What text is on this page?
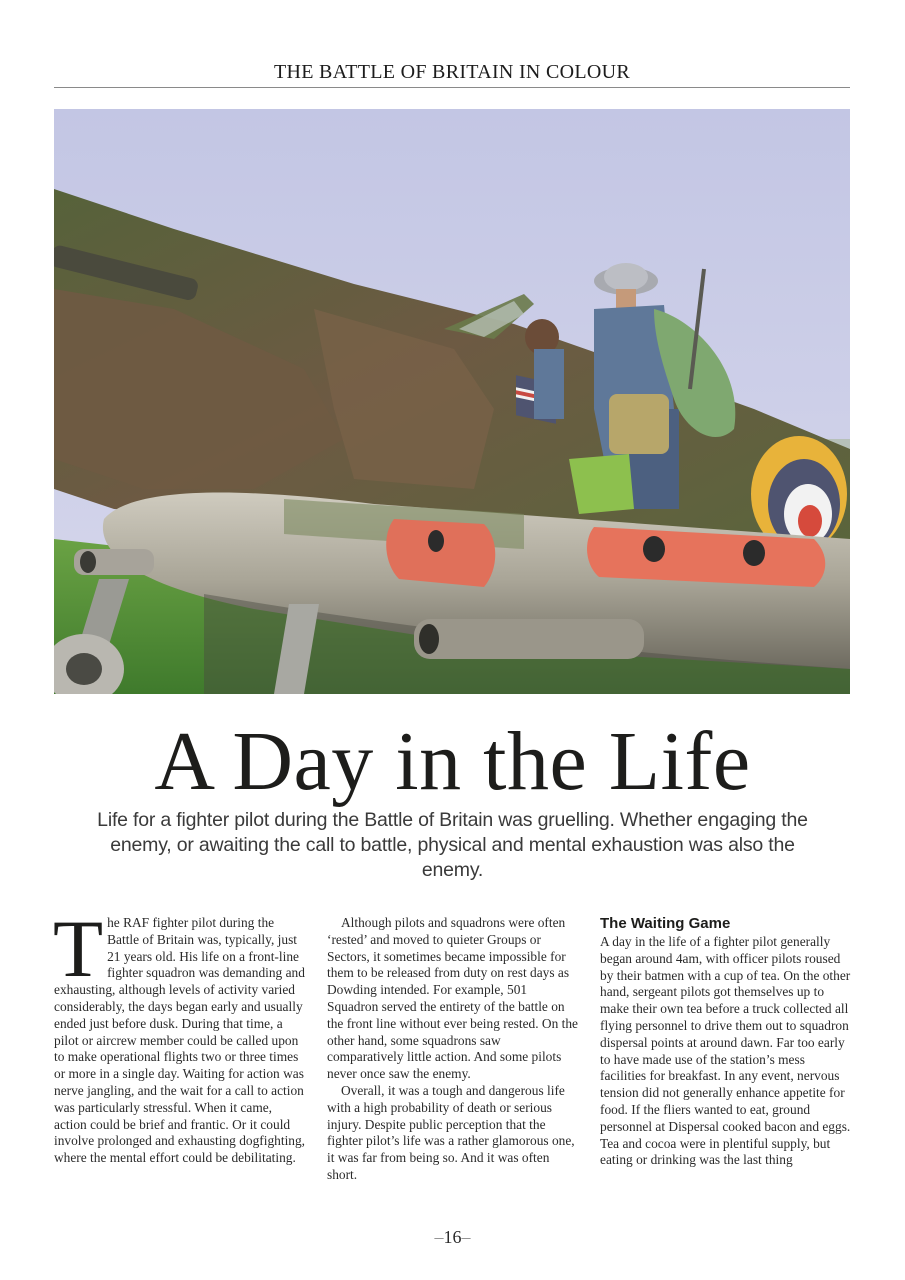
THE BATTLE OF BRITAIN IN COLOUR
A Day in the Life
Life for a fighter pilot during the Battle of Britain was gruelling. Whether engaging the enemy, or awaiting the call to battle, physical and mental exhaustion was also the enemy.

The RAF fighter pilot during the Battle of Britain was, typically, just 21 years old. His life on a front-line fighter squadron was demanding and exhausting, although levels of activity varied considerably, the days began early and usually ended just before dusk. During that time, a pilot or aircrew member could be called upon to make operational flights two or three times or more in a single day. Waiting for action was nerve jangling, and the wait for a call to action was particularly stressful. When it came, action could be brief and frantic. Or it could involve prolonged and exhausting dogfighting, where the mental effort could be debilitating.

Although pilots and squadrons were often ‘rested’ and moved to quieter Groups or Sectors, it sometimes became impossible for them to be released from duty on rest days as Dowding intended. For example, 501 Squadron served the entirety of the battle on the front line without ever being rested. On the other hand, some squadrons saw comparatively little action. And some pilots never once saw the enemy.

Overall, it was a tough and dangerous life with a high probability of death or serious injury. Despite public perception that the fighter pilot’s life was a rather glamorous one, it was far from being so. And it was often short.

The Waiting Game

A day in the life of a fighter pilot generally began around 4am, with officer pilots roused by their batmen with a cup of tea. On the other hand, sergeant pilots got themselves up to make their own tea before a truck collected all flying personnel to drive them out to squadron dispersal points at around dawn. Far too early to have made use of the station’s mess facilities for breakfast. In any event, nervous tension did not generally enhance appetite for food. If the fliers wanted to eat, ground personnel at Dispersal cooked bacon and eggs. Tea and cocoa were in plentiful supply, but eating or drinking was the last thing

–16–
